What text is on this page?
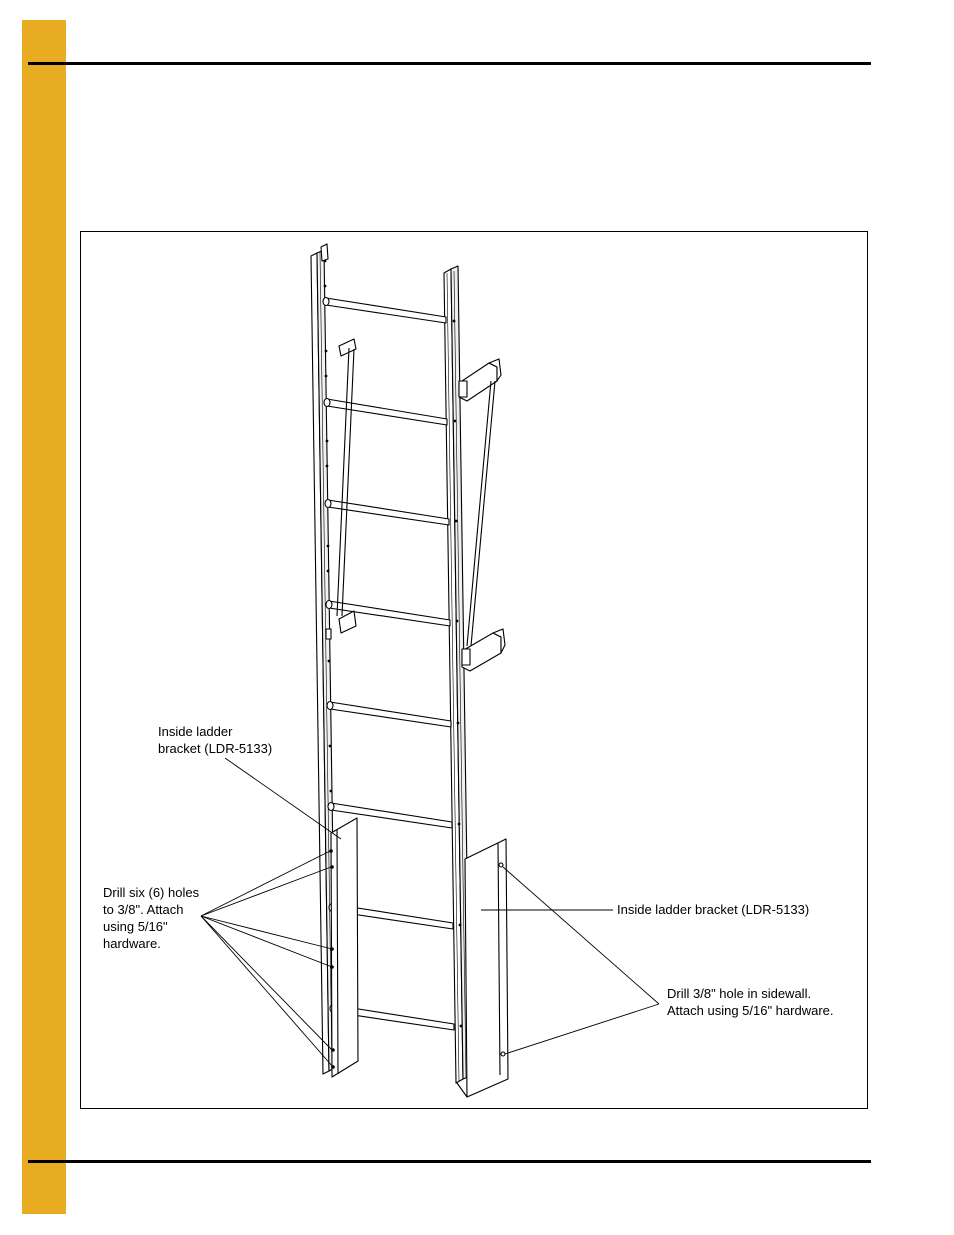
Inside ladder
bracket (LDR-5133)

Drill six (6) holes
to 3/8". Attach
using 5/16"
hardware.

Inside ladder bracket (LDR-5133)

Drill 3/8" hole in sidewall.
Attach using 5/16" hardware.
